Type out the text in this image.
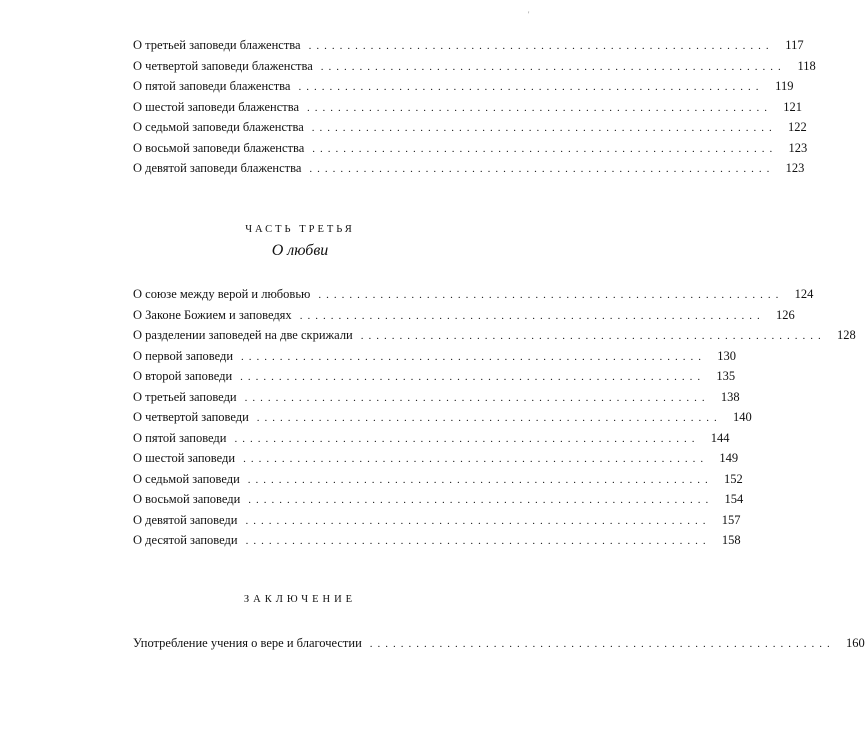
'
О третьей заповеди блаженства ............................................................ 117
О четвертой заповеди блаженства ............................................................ 118
О пятой заповеди блаженства ............................................................ 119
О шестой заповеди блаженства ............................................................ 121
О седьмой заповеди блаженства ............................................................ 122
О восьмой заповеди блаженства ............................................................ 123
О девятой заповеди блаженства ............................................................ 123
ЧАСТЬ ТРЕТЬЯ
О любви
О союзе между верой и любовью ............................................................ 124
О Законе Божием и заповедях ............................................................ 126
О разделении заповедей на две скрижали ............................................................ 128
О первой заповеди ............................................................ 130
О второй заповеди ............................................................ 135
О третьей заповеди ............................................................ 138
О четвертой заповеди ............................................................ 140
О пятой заповеди ............................................................ 144
О шестой заповеди ............................................................ 149
О седьмой заповеди ............................................................ 152
О восьмой заповеди ............................................................ 154
О девятой заповеди ............................................................ 157
О десятой заповеди ............................................................ 158
ЗАКЛЮЧЕНИЕ
Употребление учения о вере и благочестии ............................................................ 160
